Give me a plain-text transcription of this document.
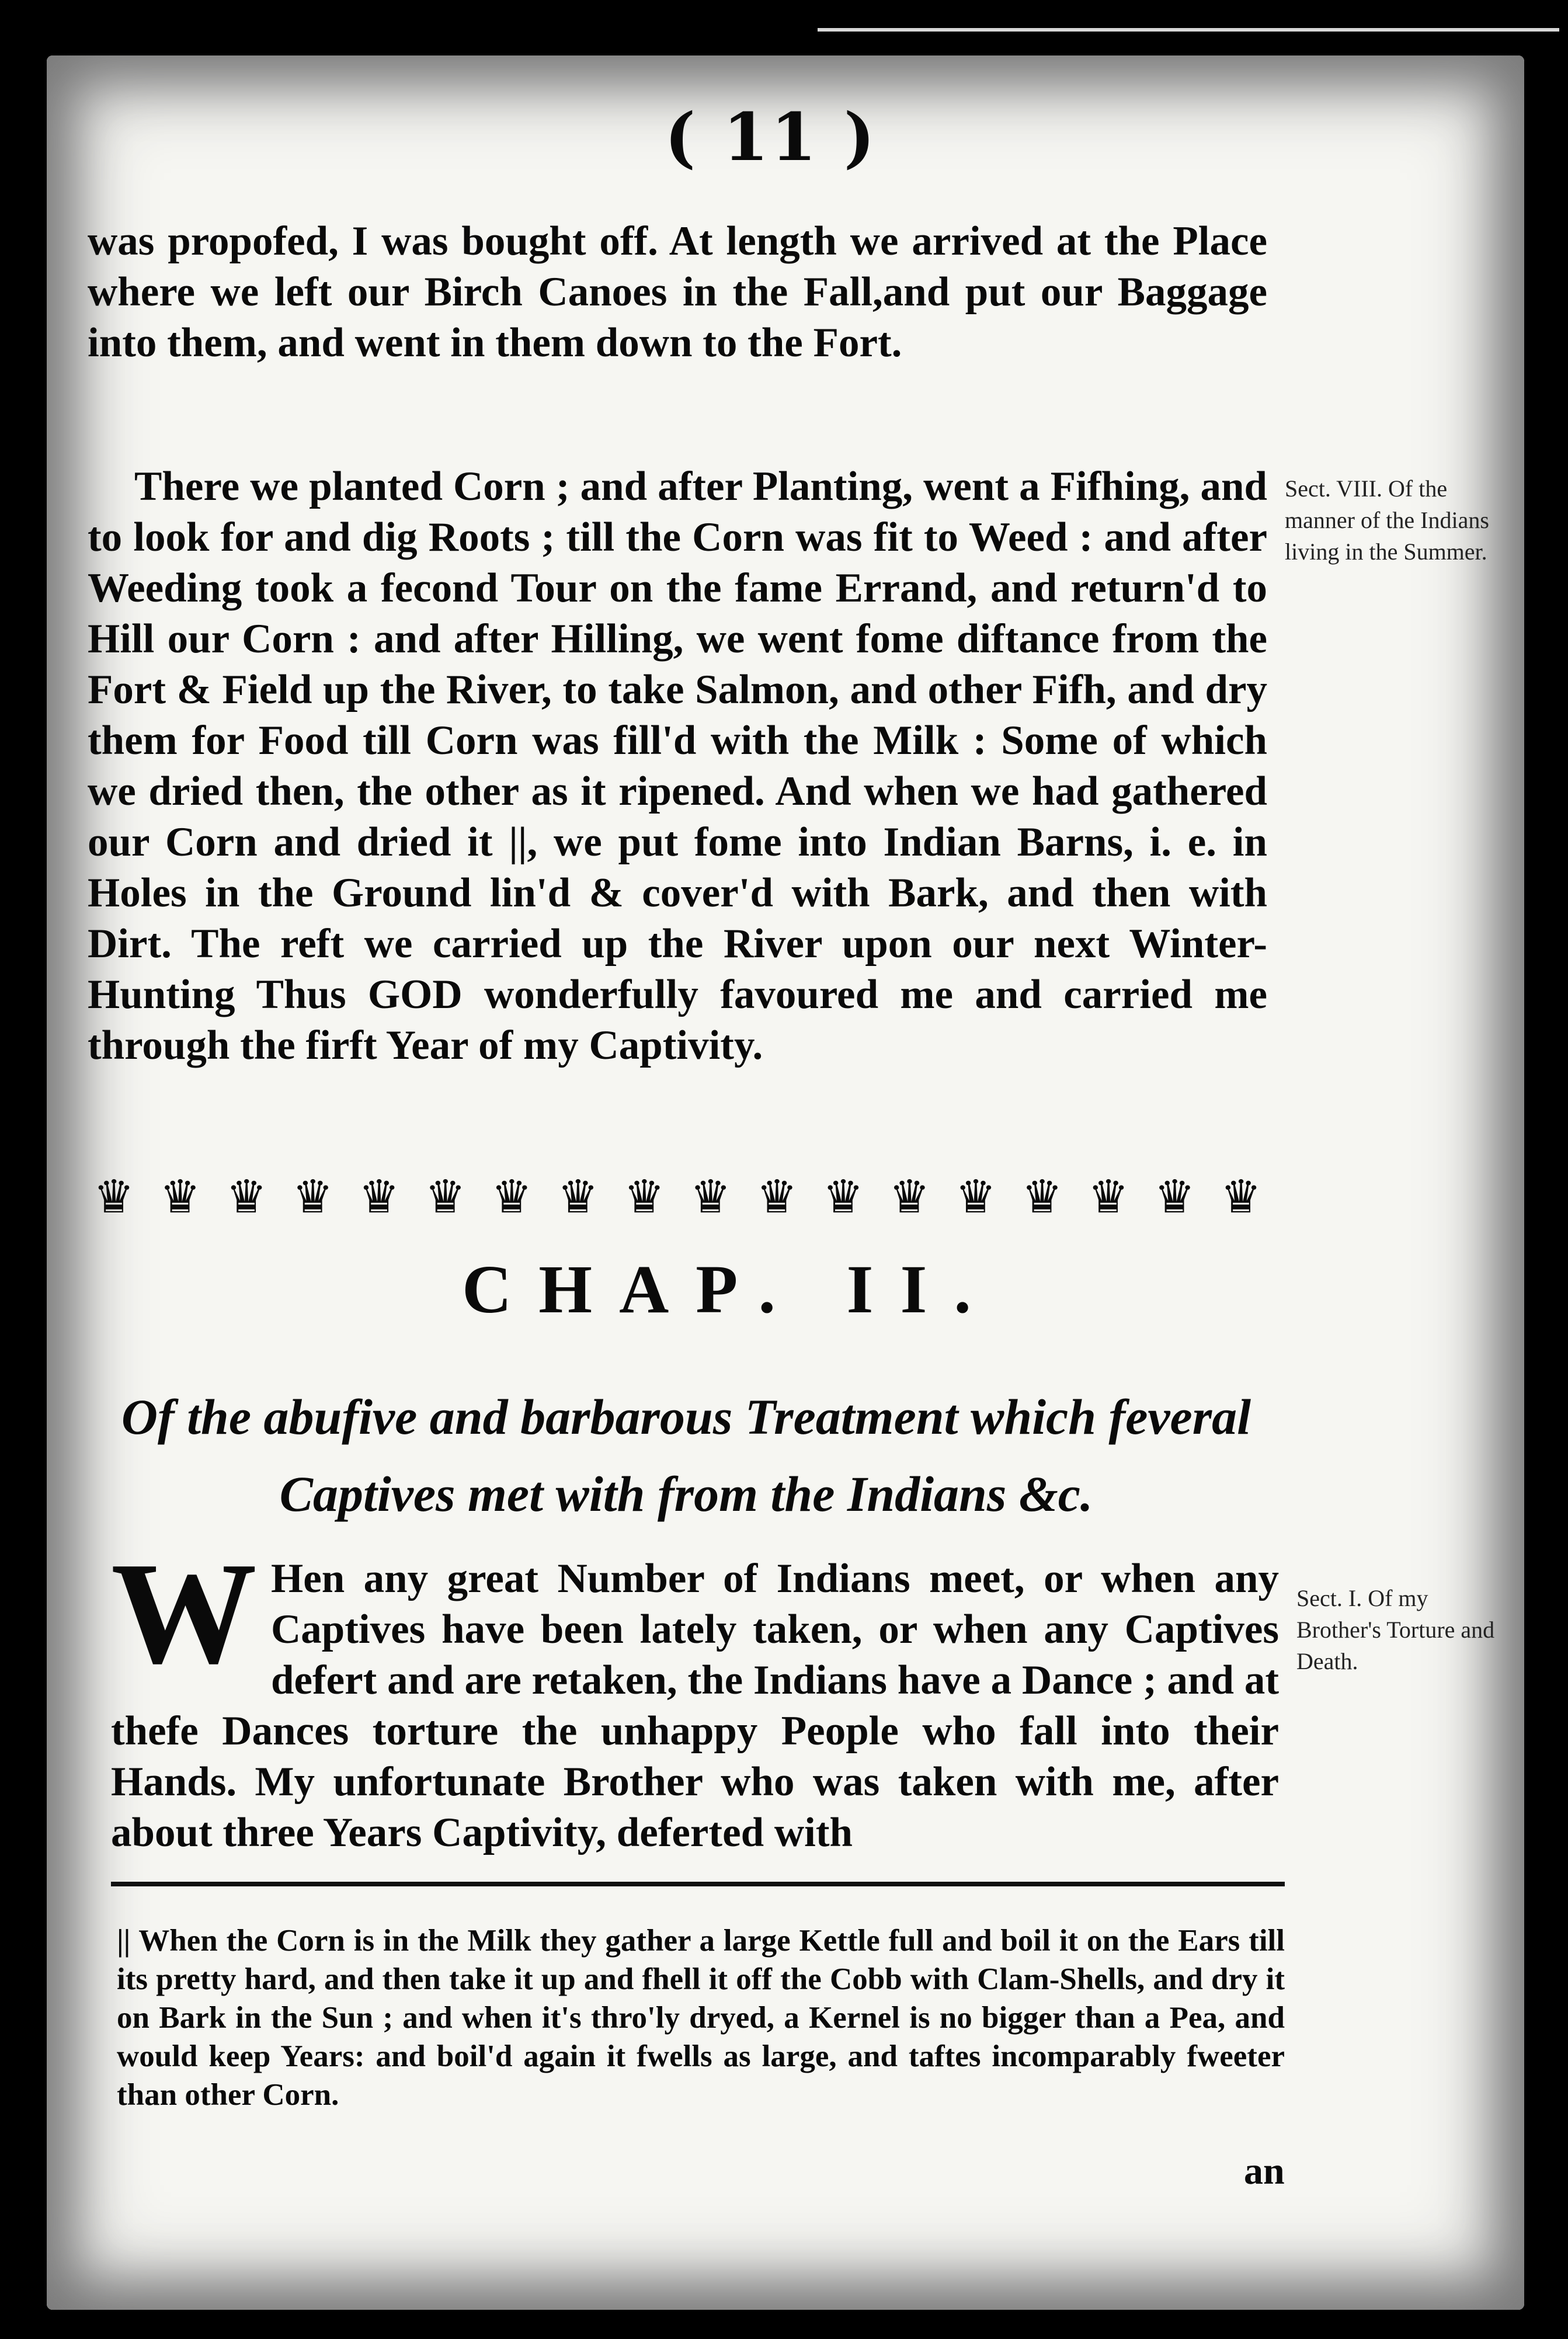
( 11 )

was propofed, I was bought off. At length we arrived at the Place where we left our Birch Canoes in the Fall,and put our Baggage into them, and went in them down to the Fort.

There we planted Corn ; and after Planting, went a Fifhing, and to look for and dig Roots ; till the Corn was fit to Weed : and after Weeding took a fecond Tour on the fame Errand, and return'd to Hill our Corn : and after Hilling, we went fome diftance from the Fort & Field up the River, to take Salmon, and other Fifh, and dry them for Food till Corn was fill'd with the Milk : Some of which we dried then, the other as it ripened. And when we had gathered our Corn and dried it ||, we put fome into Indian Barns, i. e. in Holes in the Ground lin'd & cover'd with Bark, and then with Dirt. The reft we carried up the River upon our next Winter-Hunting Thus GOD wonderfully favoured me and carried me through the firft Year of my Captivity.

Sect. VIII. Of the manner of the Indians living in the Summer.

♛ ♛ ♛ ♛ ♛ ♛ ♛ ♛ ♛ ♛ ♛ ♛ ♛ ♛ ♛ ♛ ♛ ♛
CHAP. II.

Of the abufive and barbarous Treatment which feveral Captives met with from the Indians &c.

W Hen any great Number of Indians meet, or when any Captives have been lately taken, or when any Captives defert and are retaken, the Indians have a Dance ; and at thefe Dances torture the unhappy People who fall into their Hands. My unfortunate Brother who was taken with me, after about three Years Captivity, deferted with

Sect. I. Of my Brother's Torture and Death.

|| When the Corn is in the Milk they gather a large Kettle full and boil it on the Ears till its pretty hard, and then take it up and fhell it off the Cobb with Clam-Shells, and dry it on Bark in the Sun ; and when it's thro'ly dryed, a Kernel is no bigger than a Pea, and would keep Years: and boil'd again it fwells as large, and taftes incomparably fweeter than other Corn.

an
